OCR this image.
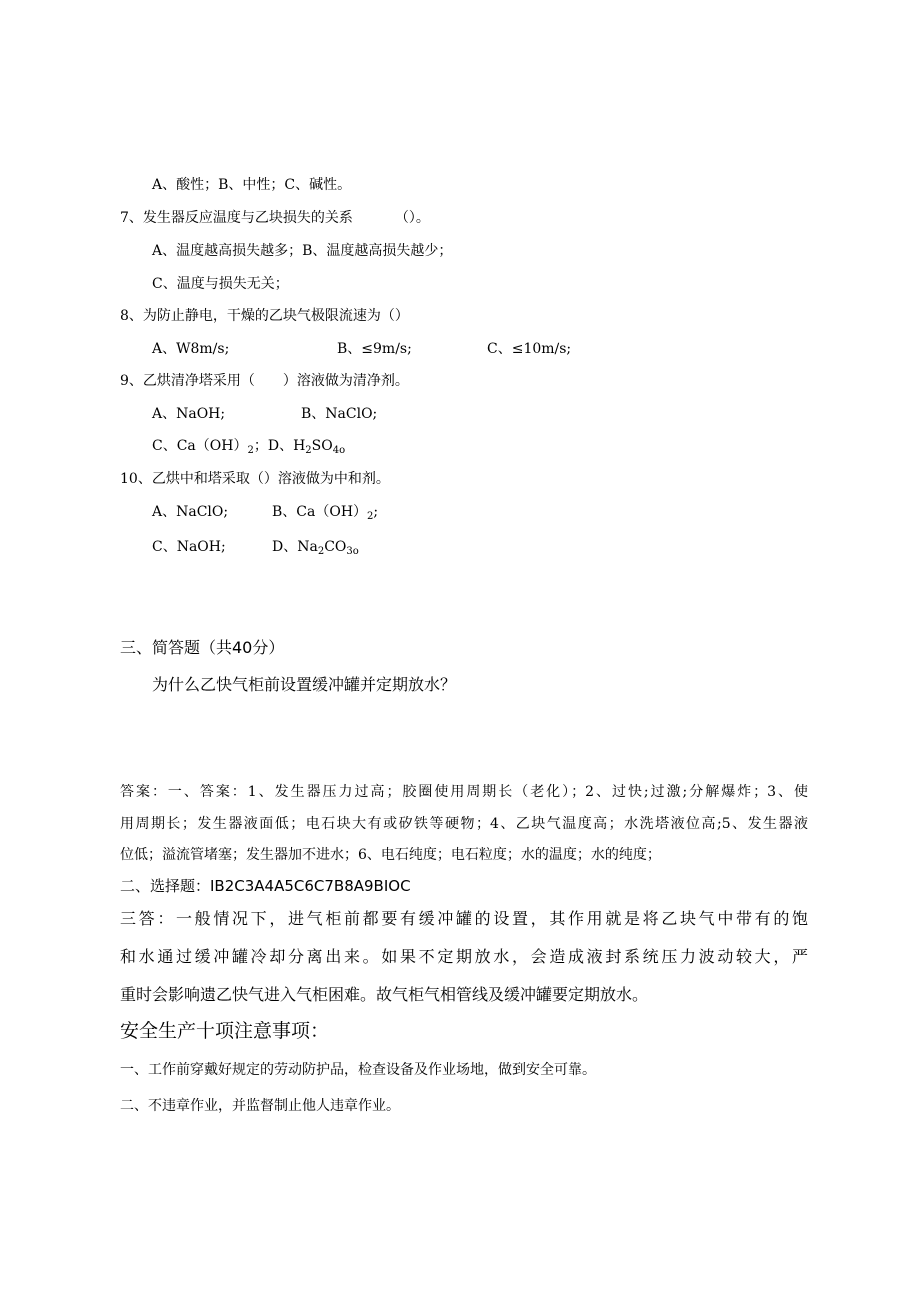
A、酸性；B、中性；C、碱性。
7、发生器反应温度与乙块损失的关系	（）。
A、温度越高损失越多；B、温度越高损失越少；
C、温度与损失无关；
8、为防止静电，干燥的乙块气极限流速为（）
A、W8m∕s;	B、≤9m∕s;	C、≤10m∕s;
9、乙烘清净塔采用（　　）溶液做为清净剂。
A、NaOH;	B、NaClO;
C、$Ca(OH)_2$；D、$H_2SO_{4o}$
10、乙烘中和塔采取（）溶液做为中和剂。
A、NaClO;	B、$Ca(OH)_2$;
C、NaOH;	D、$Na_2CO_{3o}$
三、简答题（共40分）
为什么乙快气柜前设置缓冲罐并定期放水？
答案：一、答案：1、发生器压力过高；胶圈使用周期长（老化）；2、过快;过激;分解爆炸；3、使
用周期长；发生器液面低；电石块大有或矽铁等硬物；4、乙块气温度高；水洗塔液位高;5、发生器液
位低；溢流管堵塞；发生器加不进水；6、电石纯度；电石粒度；水的温度；水的纯度；
二、选择题：IB2C3A4A5C6C7B8A9BIOC
三答：一般情况下，进气柜前都要有缓冲罐的设置，其作用就是将乙块气中带有的饱
和水通过缓冲罐冷却分离出来。如果不定期放水，会造成液封系统压力波动较大，严
重时会影响遗乙快气进入气柜困难。故气柜气相管线及缓冲罐要定期放水。
安全生产十项注意事项：
一、工作前穿戴好规定的劳动防护品，检查设备及作业场地，做到安全可靠。
二、不违章作业，并监督制止他人违章作业。
